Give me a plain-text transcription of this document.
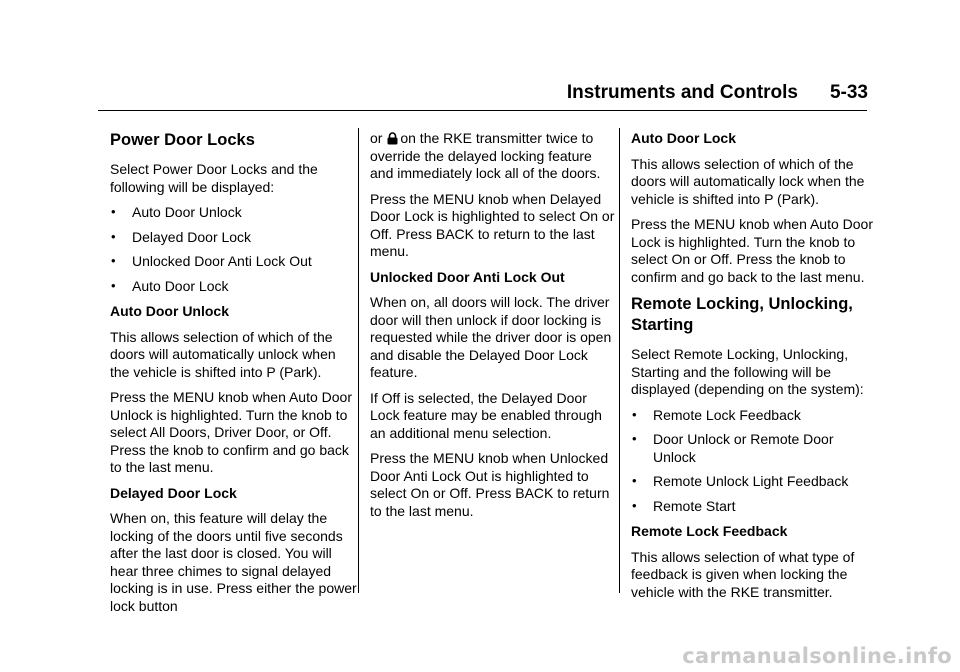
Instruments and Controls 5-33
Power Door Locks

Select Power Door Locks and the following will be displayed:

• Auto Door Unlock
• Delayed Door Lock
• Unlocked Door Anti Lock Out
• Auto Door Lock

Auto Door Unlock

This allows selection of which of the doors will automatically unlock when the vehicle is shifted into P (Park).

Press the MENU knob when Auto Door Unlock is highlighted. Turn the knob to select All Doors, Driver Door, or Off. Press the knob to confirm and go back to the last menu.

Delayed Door Lock

When on, this feature will delay the locking of the doors until five seconds after the last door is closed. You will hear three chimes to signal delayed locking is in use. Press either the power lock button

or on the RKE transmitter twice to override the delayed locking feature and immediately lock all of the doors.

Press the MENU knob when Delayed Door Lock is highlighted to select On or Off. Press BACK to return to the last menu.

Unlocked Door Anti Lock Out

When on, all doors will lock. The driver door will then unlock if door locking is requested while the driver door is open and disable the Delayed Door Lock feature.

If Off is selected, the Delayed Door Lock feature may be enabled through an additional menu selection.

Press the MENU knob when Unlocked Door Anti Lock Out is highlighted to select On or Off. Press BACK to return to the last menu.

Auto Door Lock

This allows selection of which of the doors will automatically lock when the vehicle is shifted into P (Park).

Press the MENU knob when Auto Door Lock is highlighted. Turn the knob to select On or Off. Press the knob to confirm and go back to the last menu.

Remote Locking, Unlocking, Starting

Select Remote Locking, Unlocking, Starting and the following will be displayed (depending on the system):

• Remote Lock Feedback
• Door Unlock or Remote Door Unlock
• Remote Unlock Light Feedback
• Remote Start

Remote Lock Feedback

This allows selection of what type of feedback is given when locking the vehicle with the RKE transmitter.

carmanualsonline.info
